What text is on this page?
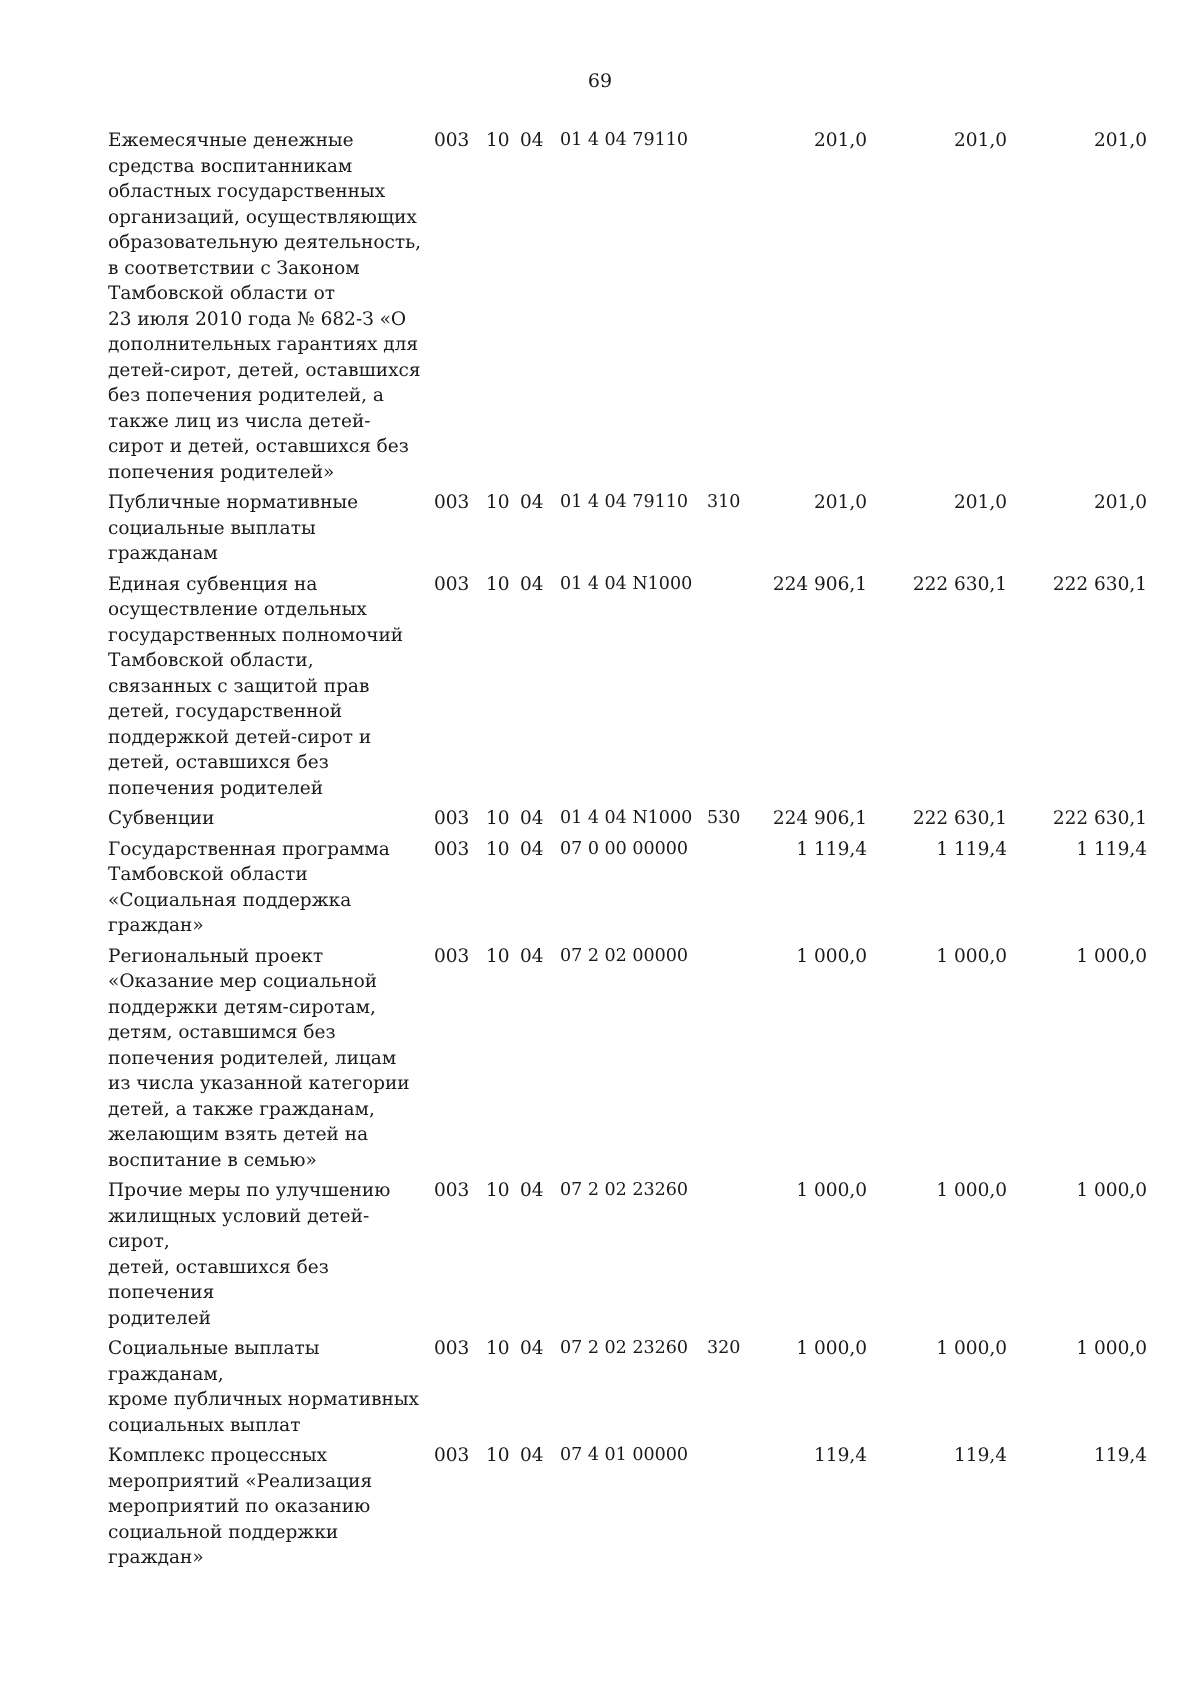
69
Ежемесячные денежные
средства воспитанникам
областных государственных
организаций, осуществляющих
образовательную деятельность,
в соответствии с Законом
Тамбовской области от
23 июля 2010 года № 682-З «О
дополнительных гарантиях для
детей-сирот, детей, оставшихся
без попечения родителей, а
также лиц из числа детей-
сирот и детей, оставшихся без
попечения родителей»
003 10 04 01 4 04 79110	201,0	201,0	201,0
Публичные нормативные
социальные выплаты гражданам
003 10 04 01 4 04 79110	310	201,0	201,0	201,0
Единая субвенция на
осуществление отдельных
государственных полномочий
Тамбовской области,
связанных с защитой прав
детей, государственной
поддержкой детей-сирот и
детей, оставшихся без
попечения родителей
003 10 04 01 4 04 N1000	224 906,1	222 630,1	222 630,1
Субвенции	003 10 04 01 4 04 N1000 530	224 906,1	222 630,1	222 630,1
Государственная программа
Тамбовской области
«Социальная поддержка
граждан»
003 10 04 07 0 00 00000	1 119,4	1 119,4	1 119,4
Региональный проект
«Оказание мер социальной
поддержки детям-сиротам,
детям, оставшимся без
попечения родителей, лицам
из числа указанной категории
детей, а также гражданам,
желающим взять детей на
воспитание в семью»
003 10 04 07 2 02 00000	1 000,0	1 000,0	1 000,0
Прочие меры по улучшению
жилищных условий детей-сирот,
детей, оставшихся без попечения
родителей
003 10 04 07 2 02 23260	1 000,0	1 000,0	1 000,0
Социальные выплаты гражданам,
кроме публичных нормативных
социальных выплат
003 10 04 07 2 02 23260	320	1 000,0	1 000,0	1 000,0
Комплекс процессных
мероприятий «Реализация
мероприятий по оказанию
социальной поддержки граждан»
003 10 04 07 4 01 00000	119,4	119,4	119,4
